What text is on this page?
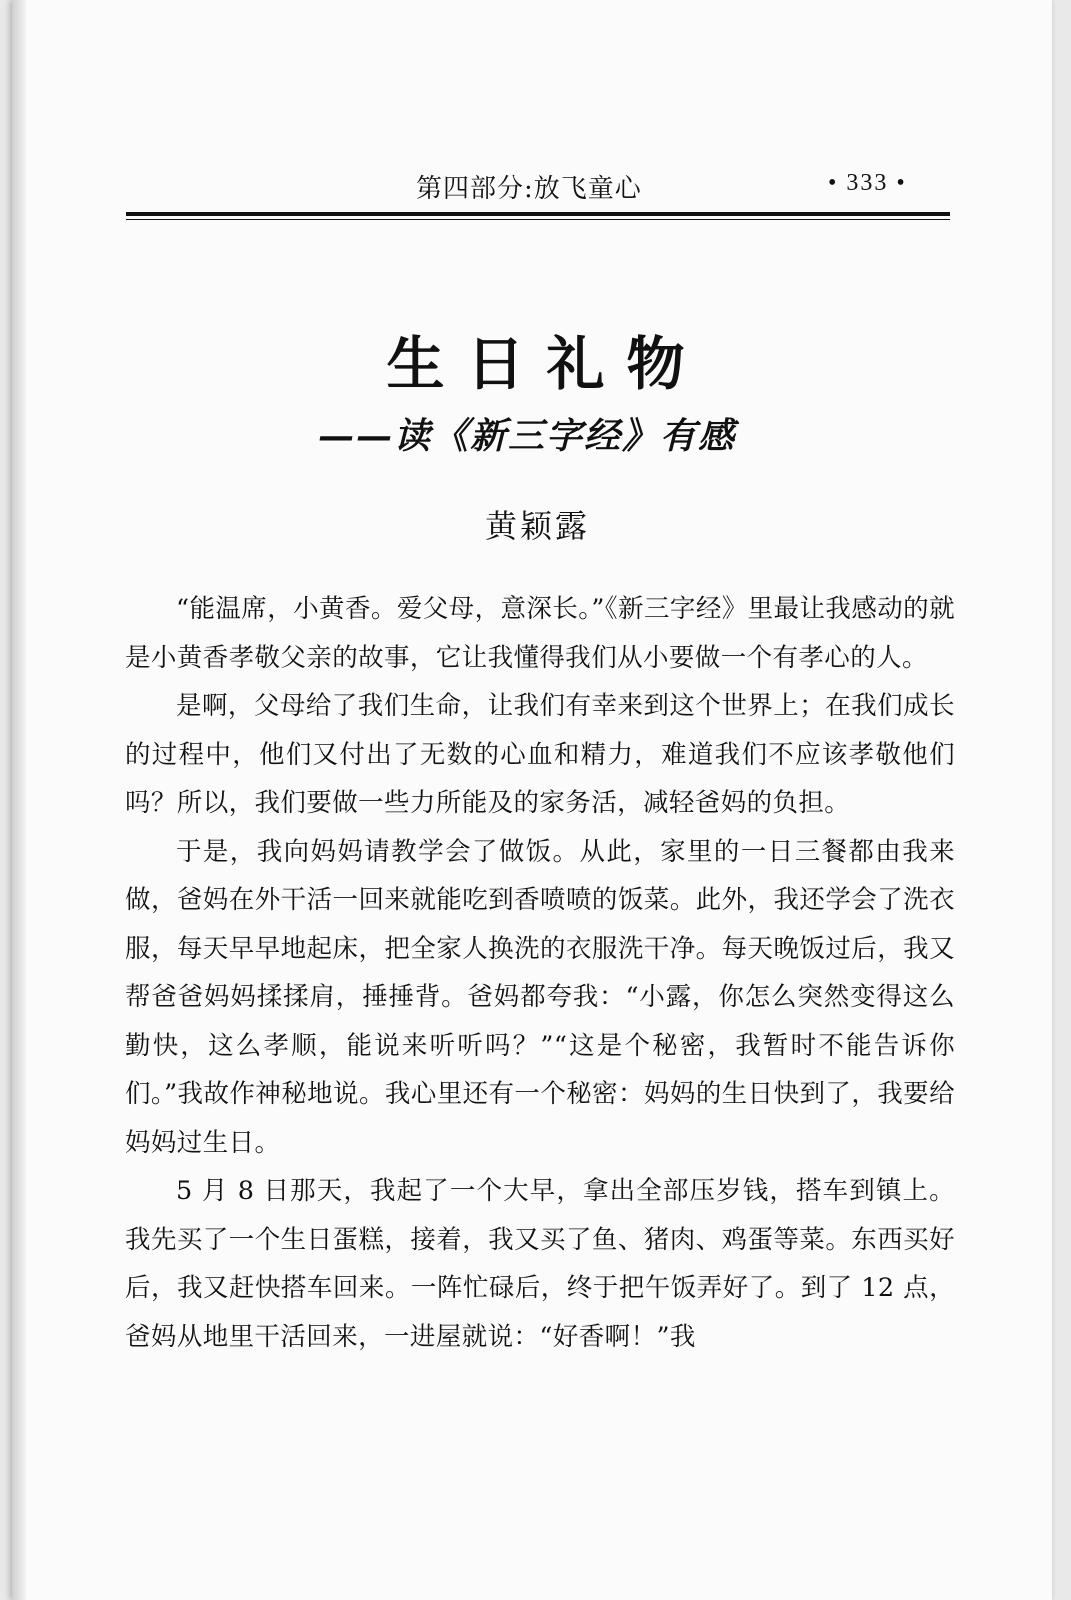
第四部分:放飞童心	• 333 •
生日礼物
——读《新三字经》有感
黄颖露

“能温席，小黄香。爱父母，意深长。”《新三字经》里最让我感动的就是小黄香孝敬父亲的故事，它让我懂得我们从小要做一个有孝心的人。

是啊，父母给了我们生命，让我们有幸来到这个世界上；在我们成长的过程中，他们又付出了无数的心血和精力，难道我们不应该孝敬他们吗？所以，我们要做一些力所能及的家务活，减轻爸妈的负担。

于是，我向妈妈请教学会了做饭。从此，家里的一日三餐都由我来做，爸妈在外干活一回来就能吃到香喷喷的饭菜。此外，我还学会了洗衣服，每天早早地起床，把全家人换洗的衣服洗干净。每天晚饭过后，我又帮爸爸妈妈揉揉肩，捶捶背。爸妈都夸我：“小露，你怎么突然变得这么勤快，这么孝顺，能说来听听吗？”“这是个秘密，我暂时不能告诉你们。”我故作神秘地说。我心里还有一个秘密：妈妈的生日快到了，我要给妈妈过生日。

5 月 8 日那天，我起了一个大早，拿出全部压岁钱，搭车到镇上。我先买了一个生日蛋糕，接着，我又买了鱼、猪肉、鸡蛋等菜。东西买好后，我又赶快搭车回来。一阵忙碌后，终于把午饭弄好了。到了 12 点，爸妈从地里干活回来，一进屋就说：“好香啊！”我
